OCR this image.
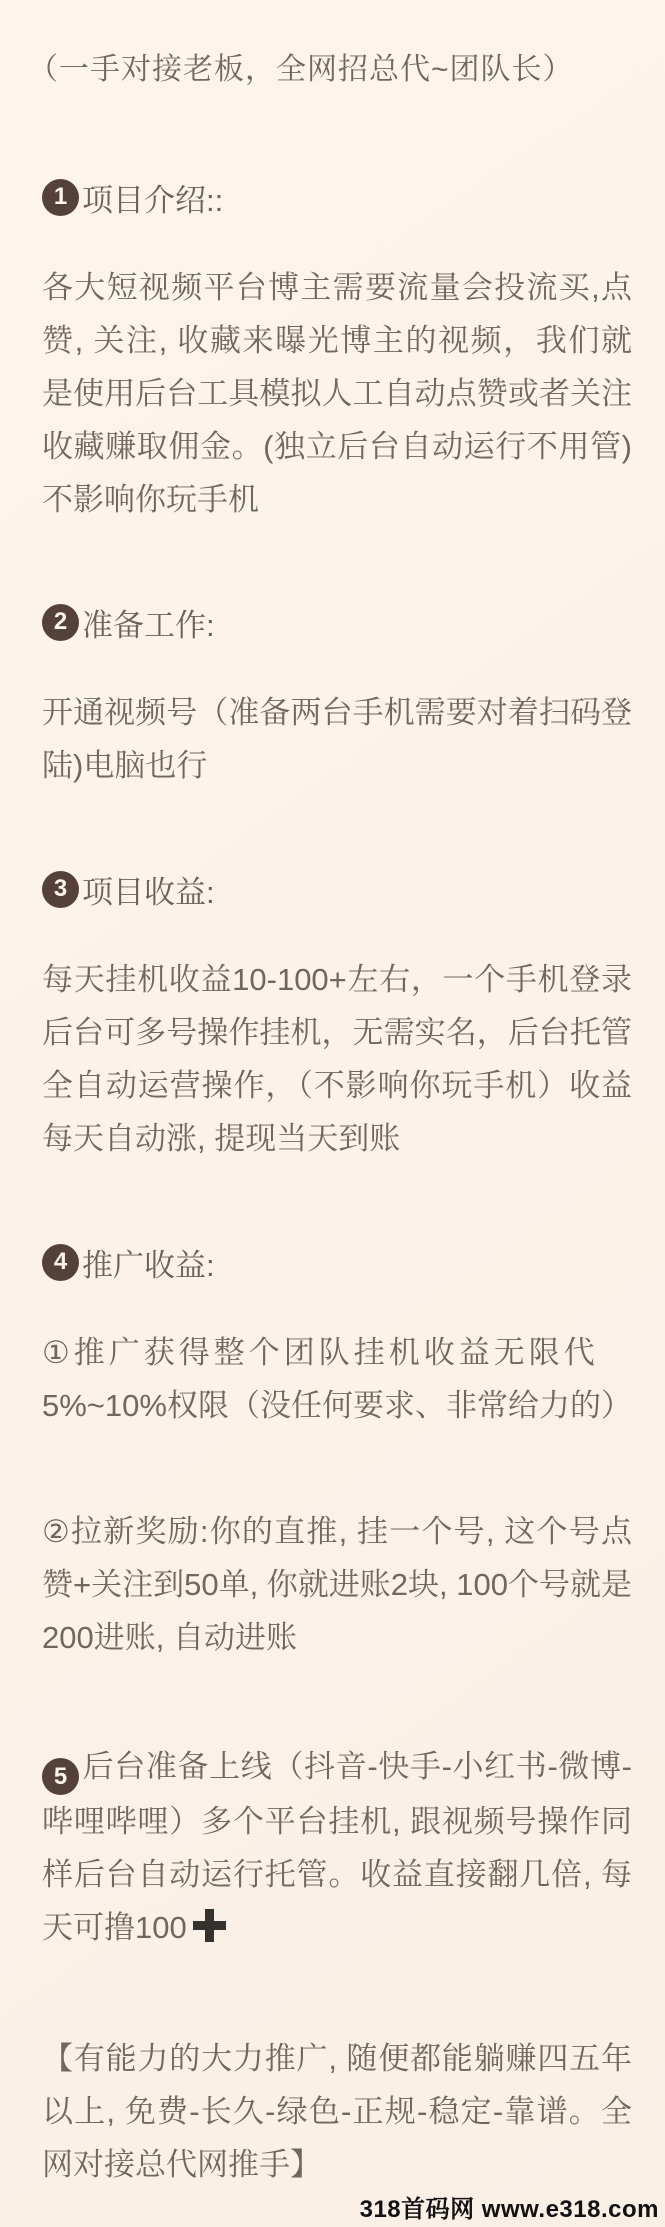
（一手对接老板，全网招总代~团队长）
1 项目介绍::
各大短视频平台博主需要流量会投流买,点赞, 关注, 收藏来曝光博主的视频，我们就是使用后台工具模拟人工自动点赞或者关注收藏赚取佣金。(独立后台自动运行不用管)不影响你玩手机
2 准备工作:
开通视频号（准备两台手机需要对着扫码登陆)电脑也行
3 项目收益:
每天挂机收益10-100+左右，一个手机登录后台可多号操作挂机，无需实名，后台托管全自动运营操作，（不影响你玩手机）收益每天自动涨, 提现当天到账
4 推广收益:
①推广获得整个团队挂机收益无限代
5%~10%权限（没任何要求、非常给力的）
②拉新奖励:你的直推, 挂一个号, 这个号点赞+关注到50单, 你就进账2块, 100个号就是200进账, 自动进账
5 后台准备上线（抖音-快手-小红书-微博-哔哩哔哩）多个平台挂机, 跟视频号操作同样后台自动运行托管。收益直接翻几倍, 每天可撸100
【有能力的大力推广, 随便都能躺赚四五年以上, 免费-长久-绿色-正规-稳定-靠谱。全网对接总代网推手】
318首码网 www.e318.com
